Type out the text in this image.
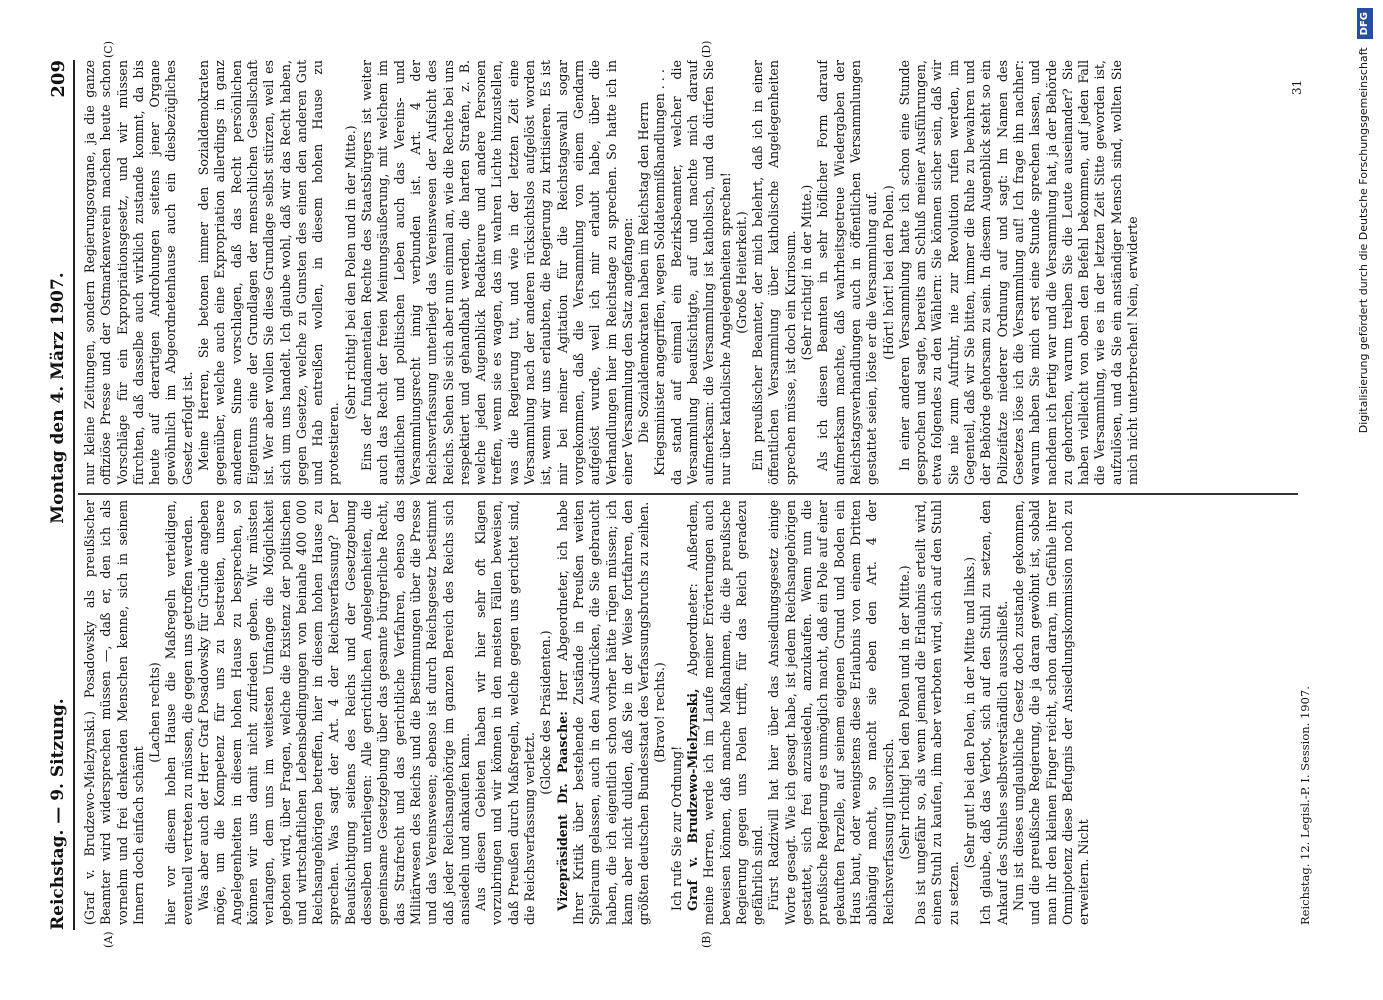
Reichstag. — 9. Sitzung.
Montag den 4. März 1907.
209
(A)	(B)
(C)	(D)

(Graf v. Brudzewo-Mielzynski.) Posadowsky als preußischer Beamter wird widersprechen müssen —, daß er, den ich als vornehm und frei denkenden Menschen kenne, sich in seinem Innern doch einfach schämt

(Lachen rechts) hier vor diesem hohen Hause die Maßregeln verteidigen, eventuell vertreten zu müssen, die gegen uns getroffen werden. Was aber auch der Herr Graf Posadowsky für Gründe angeben möge, um die Kompetenz für uns zu bestreiten, unsere Angelegenheiten in diesem hohen Hause zu besprechen, so können wir uns damit nicht zufrieden geben. Wir müssten verlangen, dem uns im weitesten Umfange die Möglichkeit geboten wird, über Fragen, welche die Existenz der politischen und wirtschaftlichen Lebensbedingungen von beinahe 400 000 Reichsangehörigen betreffen, hier in diesem hohen Hause zu sprechen. Was sagt der Art. 4 der Reichsverfassung? Der Beaufsichtigung seitens des Reichs und der Gesetzgebung desselben unterliegen: Alle gerichtlichen Angelegenheiten, die gemeinsame Gesetzgebung über das gesamte bürgerliche Recht, das Strafrecht und das gerichtliche Verfahren, ebenso das Militärwesen des Reichs und die Bestimmungen über die Presse und das Vereinswesen; ebenso ist durch Reichsgesetz bestimmt daß jeder Reichsangehörige im ganzen Bereich des Reichs sich ansiedeln und ankaufen kann. Aus diesen Gebieten haben wir hier sehr oft Klagen vorzubringen und wir können in den meisten Fällen beweisen, daß Preußen durch Maßregeln, welche gegen uns gerichtet sind, die Reichsverfassung verletzt.

(Glocke des Präsidenten.) Vizepräsident Dr. Paasche: Herr Abgeordneter, ich habe Ihrer Kritik über bestehende Zustände in Preußen weiten Spielraum gelassen, auch in den Ausdrücken, die Sie gebraucht haben, die ich eigentlich schon vorher hätte rügen müssen; ich kann aber nicht dulden, daß Sie in der Weise fortfahren, den größten deutschen Bundesstaat des Verfassungsbruchs zu zeihen. (Bravo! rechts.)

Ich rufe Sie zur Ordnung! Graf v. Brudzewo-Mielzynski, Abgeordneter: Außerdem, meine Herren, werde ich im Laufe meiner Erörterungen auch beweisen können, daß manche Maßnahmen, die die preußische Regierung gegen uns Polen trifft, für das Reich geradezu gefährlich sind. Fürst Radziwill hat hier über das Ansiedlungsgesetz einige Worte gesagt. Wie ich gesagt habe, ist jedem Reichsangehörigen gestattet, sich frei anzusiedeln, anzukaufen. Wenn nun die preußische Regierung es unmöglich macht, daß ein Pole auf einer gekauften Parzelle, auf seinem eigenen Grund und Boden ein Haus baut, oder wenigstens diese Erlaubnis von einem Dritten abhängig macht, so macht sie eben den Art. 4 der Reichsverfassung illusorisch. (Sehr richtig! bei den Polen und in der Mitte.) Das ist ungefähr so, als wenn jemand die Erlaubnis erteilt wird, einen Stuhl zu kaufen, ihm aber verboten wird, sich auf den Stuhl zu setzen.

(Sehr gut! bei den Polen, in der Mitte und links.) Ich glaube, daß das Verbot, sich auf den Stuhl zu setzen, den Ankauf des Stuhles selbstverständlich ausschließt. Nun ist dieses unglaubliche Gesetz doch zustande gekommen, und die preußische Regierung, die ja daran gewöhnt ist, sobald man ihr den kleinen Finger reicht, schon daran, im Gefühle ihrer Omnipotenz diese Befugnis der Ansiedlungskommission noch zu erweitern. Nicht

nur kleine Zeitungen, sondern Regierungsorgane, ja die ganze offiziöse Presse und der Ostmarkenverein machen heute schon Vorschläge für ein Expropriationsgesetz, und wir müssen fürchten, daß dasselbe auch wirklich zustande kommt, da bis heute auf derartigen Androhungen seitens jener Organe gewöhnlich im Abgeordnetenhause auch ein diesbezügliches Gesetz erfolgt ist. Meine Herren, Sie betonen immer den Sozialdemokraten gegenüber, welche auch eine Expropriation allerdings in ganz anderem Sinne vorschlagen, daß das Recht persönlichen Eigentums eine der Grundlagen der menschlichen Gesellschaft ist. Wer aber wollen Sie diese Grundlage selbst stürzen, weil es sich um uns handelt. Ich glaube wohl, daß wir das Recht haben, gegen Gesetze, welche zu Gunsten des einen den anderen Gut und Hab entreißen wollen, in diesem hohen Hause zu protestieren.

(Sehr richtig! bei den Polen und in der Mitte.) Eins der fundamentalen Rechte des Staatsbürgers ist weiter auch das Recht der freien Meinungsäußerung, mit welchem im staatlichen und politischen Leben auch das Vereins- und Versammlungsrecht innig verbunden ist. Art. 4 der Reichsverfassung unterliegt das Vereinswesen der Aufsicht des Reichs. Sehen Sie sich aber nun einmal an, wie die Rechte bei uns respektiert und gehandhabt werden, die harten Strafen, z. B. welche jeden Augenblick Redakteure und andere Personen treffen, wenn sie es wagen, das im wahren Lichte hinzustellen, was die Regierung tut, und wie in der letzten Zeit eine Versammlung nach der anderen rücksichtslos aufgelöst worden ist, wenn wir uns erlaubten, die Regierung zu kritisieren. Es ist mir bei meiner Agitation für die Reichstagswahl sogar vorgekommen, daß die Versammlung von einem Gendarm aufgelöst wurde, weil ich mir erlaubt habe, über die Verhandlungen hier im Reichstage zu sprechen. So hatte ich in einer Versammlung den Satz angefangen: Die Sozialdemokraten haben im Reichstag den Herrn Kriegsminister angegriffen, wegen Soldatenmißhandlungen . . . da stand auf einmal ein Bezirksbeamter, welcher die Versammlung beaufsichtigte, auf und machte mich darauf aufmerksam: die Versammlung ist katholisch, und da dürfen Sie nur über katholische Angelegenheiten sprechen! (Große Heiterkeit.) Ein preußischer Beamter, der mich belehrt, daß ich in einer öffentlichen Versammlung über katholische Angelegenheiten sprechen müsse, ist doch ein Kuriosum. (Sehr richtig! in der Mitte.) Als ich diesen Beamten in sehr höflicher Form darauf aufmerksam machte, daß wahrheitsgetreue Wiedergaben der Reichstagsverhandlungen auch in öffentlichen Versammlungen gestattet seien, löste er die Versammlung auf. (Hört! hört! bei den Polen.) In einer anderen Versammlung hatte ich schon eine Stunde gesprochen und sagte, bereits am Schluß meiner Ausführungen, etwa folgendes zu den Wählern: Sie können sicher sein, daß wir Sie nie zum Aufruhr, nie zur Revolution rufen werden, im Gegenteil, daß wir Sie bitten, immer die Ruhe zu bewahren und der Behörde gehorsam zu sein. In diesem Augenblick steht so ein Polizeifatze niederer Ordnung auf und sagt: Im Namen des Gesetzes löse ich die Versammlung auf! Ich frage ihn nachher: warum haben Sie mich erst eine Stunde sprechen lassen, und nachdem ich fertig war und die Versammlung hat, ja der Behörde zu gehorchen, warum treiben Sie die Leute auseinander? Sie haben vielleicht von oben den Befehl bekommen, auf jeden Fall die Versammlung, wie es in der letzten Zeit Sitte geworden ist, aufzulösen, und da Sie ein anständiger Mensch sind, wollten Sie mich nicht unterbrechen! Nein, erwiderte

Reichstag. 12. Legisl.-P. I. Session. 1907.
31	Digitalisierung gefördert durch die Deutsche ForschungsgemeinschaftDFG
